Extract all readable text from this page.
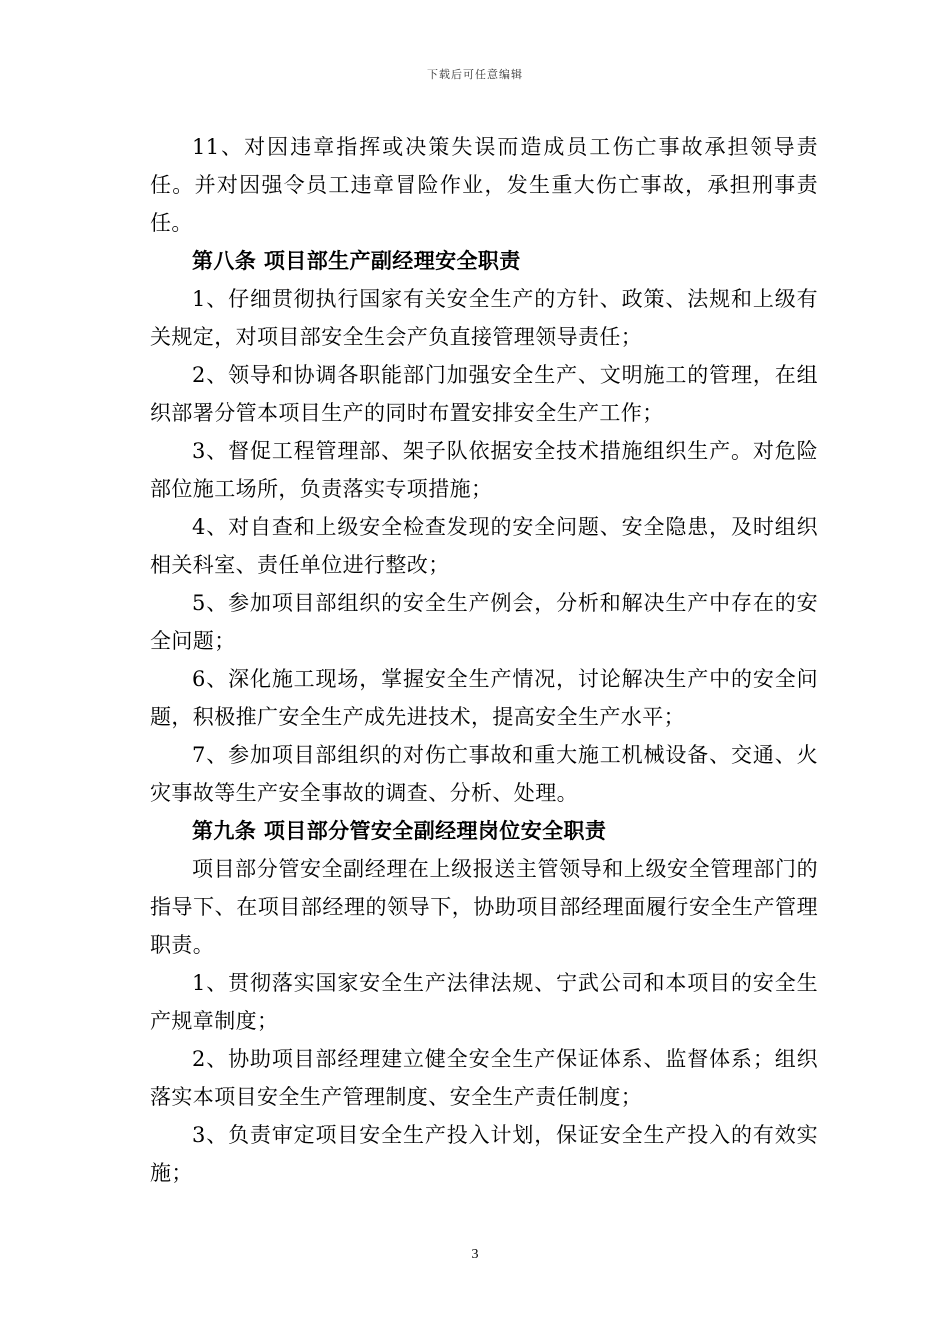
下载后可任意编辑

11、对因违章指挥或决策失误而造成员工伤亡事故承担领导责任。并对因强令员工违章冒险作业，发生重大伤亡事故，承担刑事责任。

第八条 项目部生产副经理安全职责

1、仔细贯彻执行国家有关安全生产的方针、政策、法规和上级有关规定，对项目部安全生会产负直接管理领导责任；

2、领导和协调各职能部门加强安全生产、文明施工的管理，在组织部署分管本项目生产的同时布置安排安全生产工作；

3、督促工程管理部、架子队依据安全技术措施组织生产。对危险部位施工场所，负责落实专项措施；

4、对自查和上级安全检查发现的安全问题、安全隐患，及时组织相关科室、责任单位进行整改；

5、参加项目部组织的安全生产例会，分析和解决生产中存在的安全问题；

6、深化施工现场，掌握安全生产情况，讨论解决生产中的安全问题，积极推广安全生产成先进技术，提高安全生产水平；

7、参加项目部组织的对伤亡事故和重大施工机械设备、交通、火灾事故等生产安全事故的调查、分析、处理。

第九条 项目部分管安全副经理岗位安全职责

项目部分管安全副经理在上级报送主管领导和上级安全管理部门的指导下、在项目部经理的领导下，协助项目部经理面履行安全生产管理职责。

1、贯彻落实国家安全生产法律法规、宁武公司和本项目的安全生产规章制度；

2、协助项目部经理建立健全安全生产保证体系、监督体系；组织落实本项目安全生产管理制度、安全生产责任制度；

3、负责审定项目安全生产投入计划，保证安全生产投入的有效实施；

3
